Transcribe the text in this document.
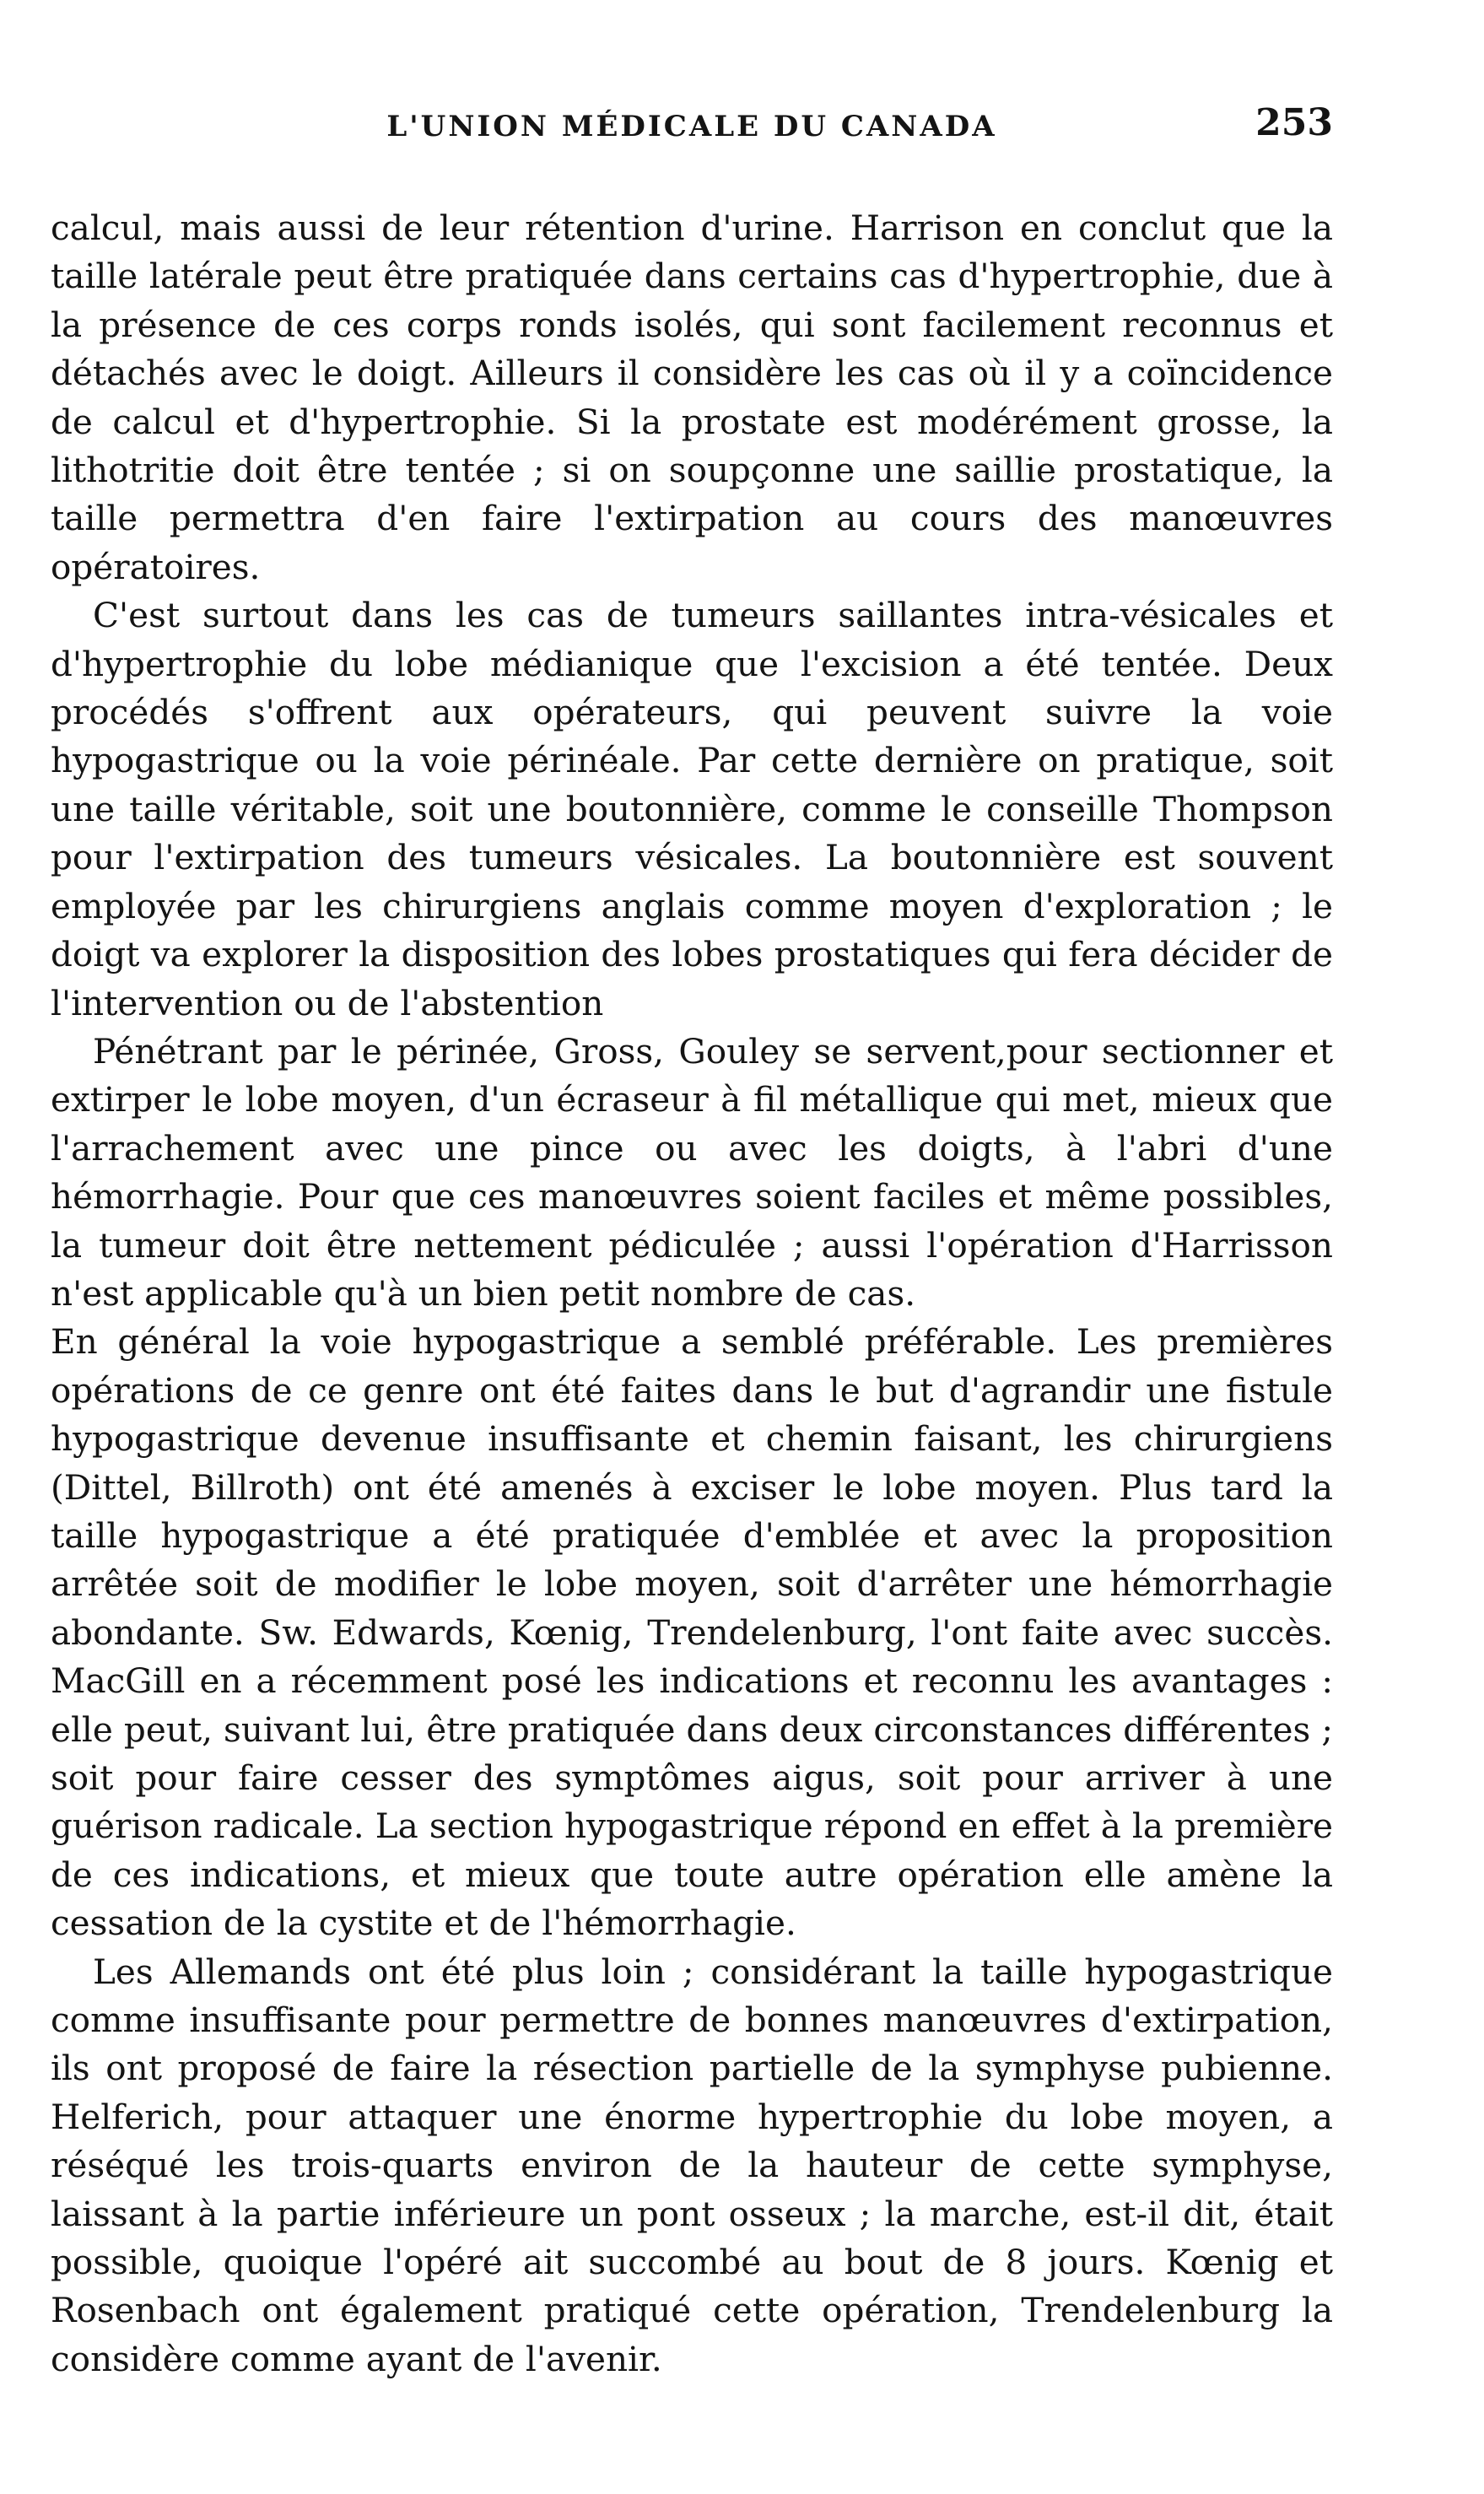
L'UNION MÉDICALE DU CANADA	253

calcul, mais aussi de leur rétention d'urine. Harrison en conclut que la taille latérale peut être pratiquée dans certains cas d'hypertrophie, due à la présence de ces corps ronds isolés, qui sont facilement reconnus et détachés avec le doigt. Ailleurs il considère les cas où il y a coïncidence de calcul et d'hypertrophie. Si la prostate est modérément grosse, la lithotritie doit être tentée ; si on soupçonne une saillie prostatique, la taille permettra d'en faire l'extirpation au cours des manœuvres opératoires.

C'est surtout dans les cas de tumeurs saillantes intra-vésicales et d'hypertrophie du lobe médianique que l'excision a été tentée. Deux procédés s'offrent aux opérateurs, qui peuvent suivre la voie hypogastrique ou la voie périnéale. Par cette dernière on pratique, soit une taille véritable, soit une boutonnière, comme le conseille Thompson pour l'extirpation des tumeurs vésicales. La boutonnière est souvent employée par les chirurgiens anglais comme moyen d'exploration ; le doigt va explorer la disposition des lobes prostatiques qui fera décider de l'intervention ou de l'abstention

Pénétrant par le périnée, Gross, Gouley se servent,pour sectionner et extirper le lobe moyen, d'un écraseur à fil métallique qui met, mieux que l'arrachement avec une pince ou avec les doigts, à l'abri d'une hémorrhagie. Pour que ces manœuvres soient faciles et même possibles, la tumeur doit être nettement pédiculée ; aussi l'opération d'Harrisson n'est applicable qu'à un bien petit nombre de cas.

En général la voie hypogastrique a semblé préférable. Les premières opérations de ce genre ont été faites dans le but d'agrandir une fistule hypogastrique devenue insuffisante et chemin faisant, les chirurgiens (Dittel, Billroth) ont été amenés à exciser le lobe moyen. Plus tard la taille hypogastrique a été pratiquée d'emblée et avec la proposition arrêtée soit de modifier le lobe moyen, soit d'arrêter une hémorrhagie abondante. Sw. Edwards, Kœnig, Trendelenburg, l'ont faite avec succès. MacGill en a récemment posé les indications et reconnu les avantages : elle peut, suivant lui, être pratiquée dans deux circonstances différentes ; soit pour faire cesser des symptômes aigus, soit pour arriver à une guérison radicale. La section hypogastrique répond en effet à la première de ces indications, et mieux que toute autre opération elle amène la cessation de la cystite et de l'hémorrhagie.

Les Allemands ont été plus loin ; considérant la taille hypogastrique comme insuffisante pour permettre de bonnes manœuvres d'extirpation, ils ont proposé de faire la résection partielle de la symphyse pubienne. Helferich, pour attaquer une énorme hypertrophie du lobe moyen, a réséqué les trois-quarts environ de la hauteur de cette symphyse, laissant à la partie inférieure un pont osseux ; la marche, est-il dit, était possible, quoique l'opéré ait succombé au bout de 8 jours. Kœnig et Rosenbach ont également pratiqué cette opération, Trendelenburg la considère comme ayant de l'avenir.
